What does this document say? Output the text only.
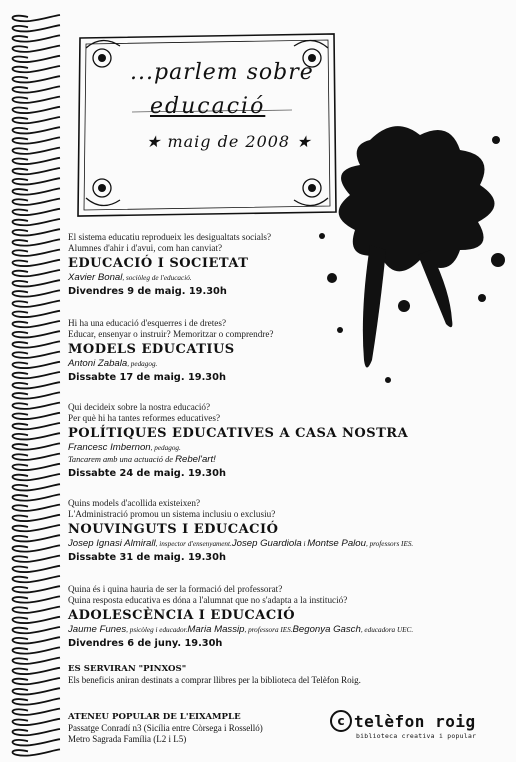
...parlem sobre
educació
★ maig de 2008 ★
El sistema educatiu reprodueix les desigualtats socials?
Alumnes d'ahir i d'avui, com han canviat?
EDUCACIÓ I SOCIETAT
Xavier Bonal, sociòleg de l'educació.
Divendres 9 de maig. 19.30h
Hi ha una educació d'esquerres i de dretes?
Educar, ensenyar o instruir? Memoritzar o comprendre?
MODELS EDUCATIUS
Antoni Zabala, pedagog.
Dissabte 17 de maig. 19.30h
Qui decideix sobre la nostra educació?
Per què hi ha tantes reformes educatives?
POLÍTIQUES EDUCATIVES A CASA NOSTRA
Francesc Imbernon, pedagog.
Tancarem amb una actuació de Rebel'art!
Dissabte 24 de maig. 19.30h
Quins models d'acollida existeixen?
L'Administració promou un sistema inclusiu o exclusiu?
NOUVINGUTS I EDUCACIÓ
Josep Ignasi Almirall, inspector d'ensenyament.Josep Guardiola i Montse Palou, professors IES.
Dissabte 31 de maig. 19.30h
Quina és i quina hauria de ser la formació del professorat?
Quina resposta educativa es dóna a l'alumnat que no s'adapta a la institució?
ADOLESCÈNCIA I EDUCACIÓ
Jaume Funes, psicòleg i educador.Maria Massip, professora IES.Begonya Gasch, educadora UEC.
Divendres 6 de juny. 19.30h
ES SERVIRAN "PINXOS"
Els beneficis aniran destinats a comprar llibres per la biblioteca del Telèfon Roig.
ATENEU POPULAR DE L'EIXAMPLE
Passatge Conradí n3 (Sicília entre Còrsega i Rosselló)
Metro Sagrada Família (L2 i L5)
c telèfon roig
biblioteca creativa i popular
